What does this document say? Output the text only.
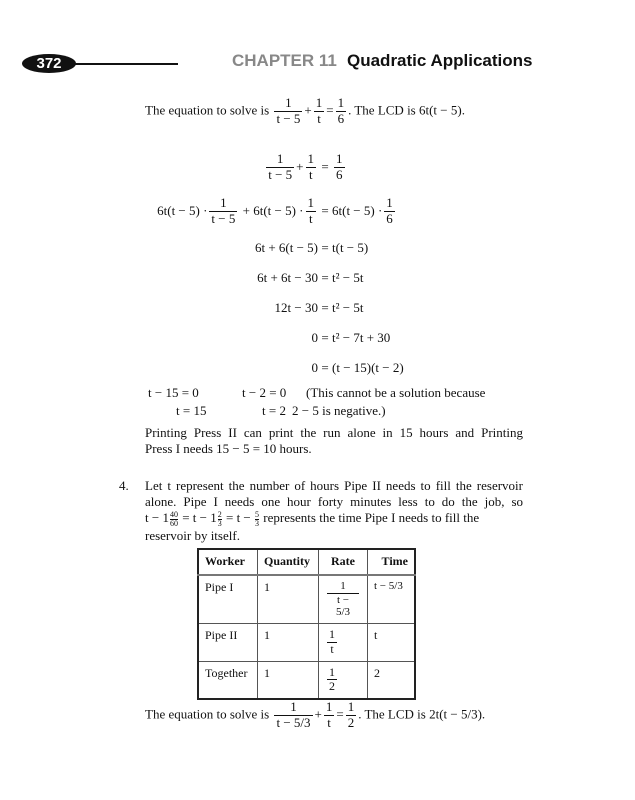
372	CHAPTER 11 Quadratic Applications
The equation to solve is $\frac{1}{t - 5} + \frac{1}{t} = \frac{1}{6}$ . The LCD is 6t(t − 5).
$\frac{1}{t - 5} + \frac{1}{t} = \frac{1}{6}$
$6t(t - 5) \cdot \frac{1}{t - 5}$
+ $6t(t - 5) \cdot \frac{1}{t} = 6t(t - 5) \cdot \frac{1}{6}$
6t + 6(t − 5) = t(t − 5)
6t + 6t − 30 = t² − 5t
12t − 30 = t² − 5t
0 = t² − 7t + 30
0 = (t − 15)(t − 2)
t − 15 = 0
t = 15
t − 2 = 0
t = 2
(This cannot be a solution because
2 − 5 is negative.)
Printing Press II can print the run alone in 15 hours and Printing
Press I needs 15 − 5 = 10 hours.
4. Let t represent the number of hours Pipe II needs to fill the reservoir
alone. Pipe I needs one hour forty minutes less to do the job, so
$t - 1 \frac{40}{60} = t - 1 \frac{2}{3} = t - \frac{5}{3}$ represents the time Pipe I needs to fill the
reservoir by itself.
Worker	Quantity	Rate	Time
Pipe I	1	$\frac{1}{t - 5/3}$	t − 5/3
Pipe II	1	$\frac{1}{t}$	t
Together	1	$\frac{1}{2}$	2
The equation to solve is $\frac{1}{t - 5/3} + \frac{1}{t} = \frac{1}{2}$ . The LCD is 2t(t − 5/3).
